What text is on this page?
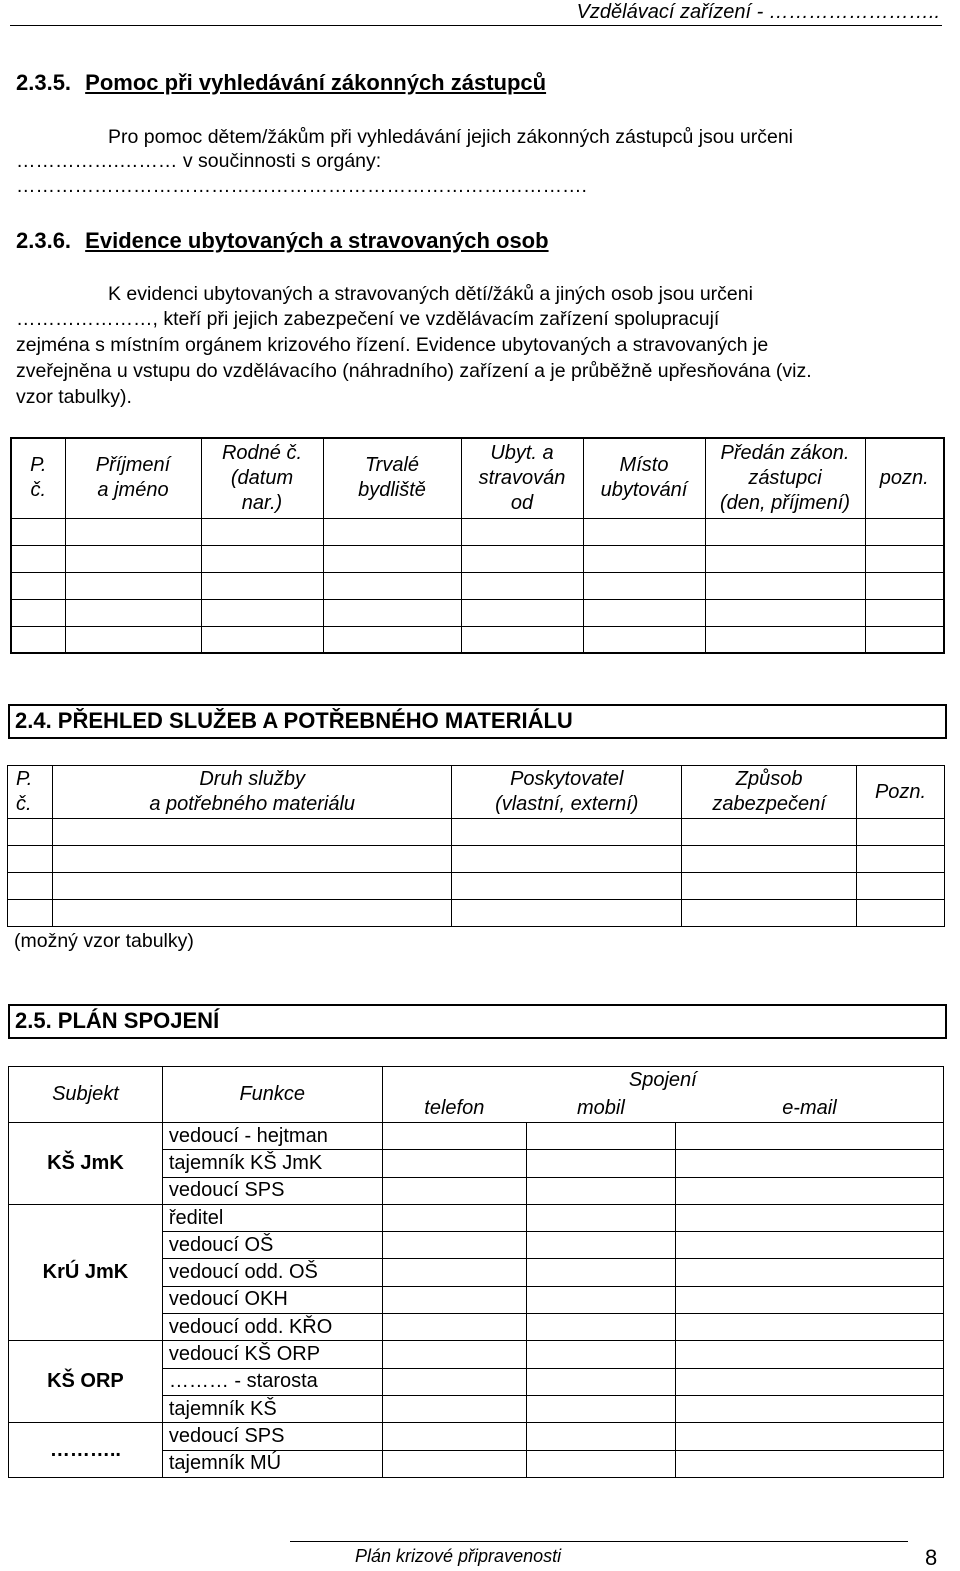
Vzdělávací zařízení - ……………………..
2.3.5. Pomoc při vyhledávání zákonných zástupců
Pro pomoc dětem/žákům při vyhledávání jejich zákonných zástupců jsou určeni
…………….……… v součinnosti s orgány:
…………………………………………………………………………….
2.3.6. Evidence ubytovaných a stravovaných osob
K evidenci ubytovaných a stravovaných dětí/žáků a jiných osob jsou určeni
…………………, kteří při jejich zabezpečení ve vzdělávacím zařízení spolupracují
zejména s místním orgánem krizového řízení. Evidence ubytovaných a stravovaných je
zveřejněna u vstupu do vzdělávacího (náhradního) zařízení a je průběžně upřesňována (viz.
vzor tabulky).
P.
č.	Příjmení
a jméno	Rodné č.
(datum
nar.)	Trvalé
bydliště	Ubyt. a
stravován
od	Místo
ubytování	Předán zákon.
zástupci
(den, příjmení)	pozn.

2.4. PŘEHLED SLUŽEB A POTŘEBNÉHO MATERIÁLU
P.
č.	Druh služby
a potřebného materiálu	Poskytovatel
(vlastní, externí)	Způsob
zabezpečení	Pozn.

(možný vzor tabulky)
2.5. PLÁN SPOJENÍ
Subjekt	Funkce	Spojení		
		telefon	mobil	e-mail
KŠ JmK	vedoucí - hejtman			
	tajemník KŠ JmK			
	vedoucí SPS			
KrÚ JmK	ředitel			
	vedoucí OŠ			
	vedoucí odd. OŠ			
	vedoucí OKH			
	vedoucí odd. KŘO			
KŠ ORP	vedoucí KŠ ORP			
	……… - starosta			
	tajemník KŠ			
………..	vedoucí SPS			
	tajemník MÚ			
Plán krizové připravenosti	8
